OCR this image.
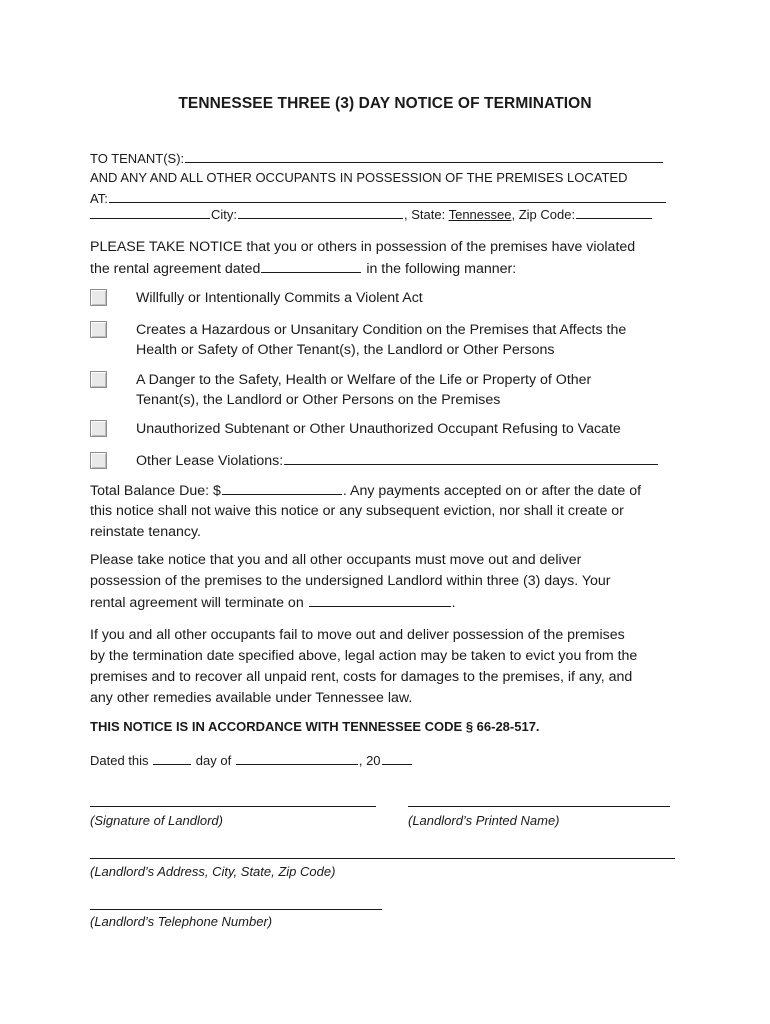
TENNESSEE THREE (3) DAY NOTICE OF TERMINATION
TO TENANT(S):
AND ANY AND ALL OTHER OCCUPANTS IN POSSESSION OF THE PREMISES LOCATED
AT:
City:	, State: Tennessee, Zip Code:
PLEASE TAKE NOTICE that you or others in possession of the premises have violated
the rental agreement dated	in the following manner:
Willfully or Intentionally Commits a Violent Act
Creates a Hazardous or Unsanitary Condition on the Premises that Affects the
Health or Safety of Other Tenant(s), the Landlord or Other Persons
A Danger to the Safety, Health or Welfare of the Life or Property of Other
Tenant(s), the Landlord or Other Persons on the Premises
Unauthorized Subtenant or Other Unauthorized Occupant Refusing to Vacate
Other Lease Violations:
Total Balance Due: $	. Any payments accepted on or after the date of
this notice shall not waive this notice or any subsequent eviction, nor shall it create or
reinstate tenancy.
Please take notice that you and all other occupants must move out and deliver
possession of the premises to the undersigned Landlord within three (3) days. Your
rental agreement will terminate on	.
If you and all other occupants fail to move out and deliver possession of the premises
by the termination date specified above, legal action may be taken to evict you from the
premises and to recover all unpaid rent, costs for damages to the premises, if any, and
any other remedies available under Tennessee law.
THIS NOTICE IS IN ACCORDANCE WITH TENNESSEE CODE § 66-28-517.
Dated this	day of	, 20
(Signature of Landlord)	(Landlord’s Printed Name)
(Landlord’s Address, City, State, Zip Code)
(Landlord’s Telephone Number)
